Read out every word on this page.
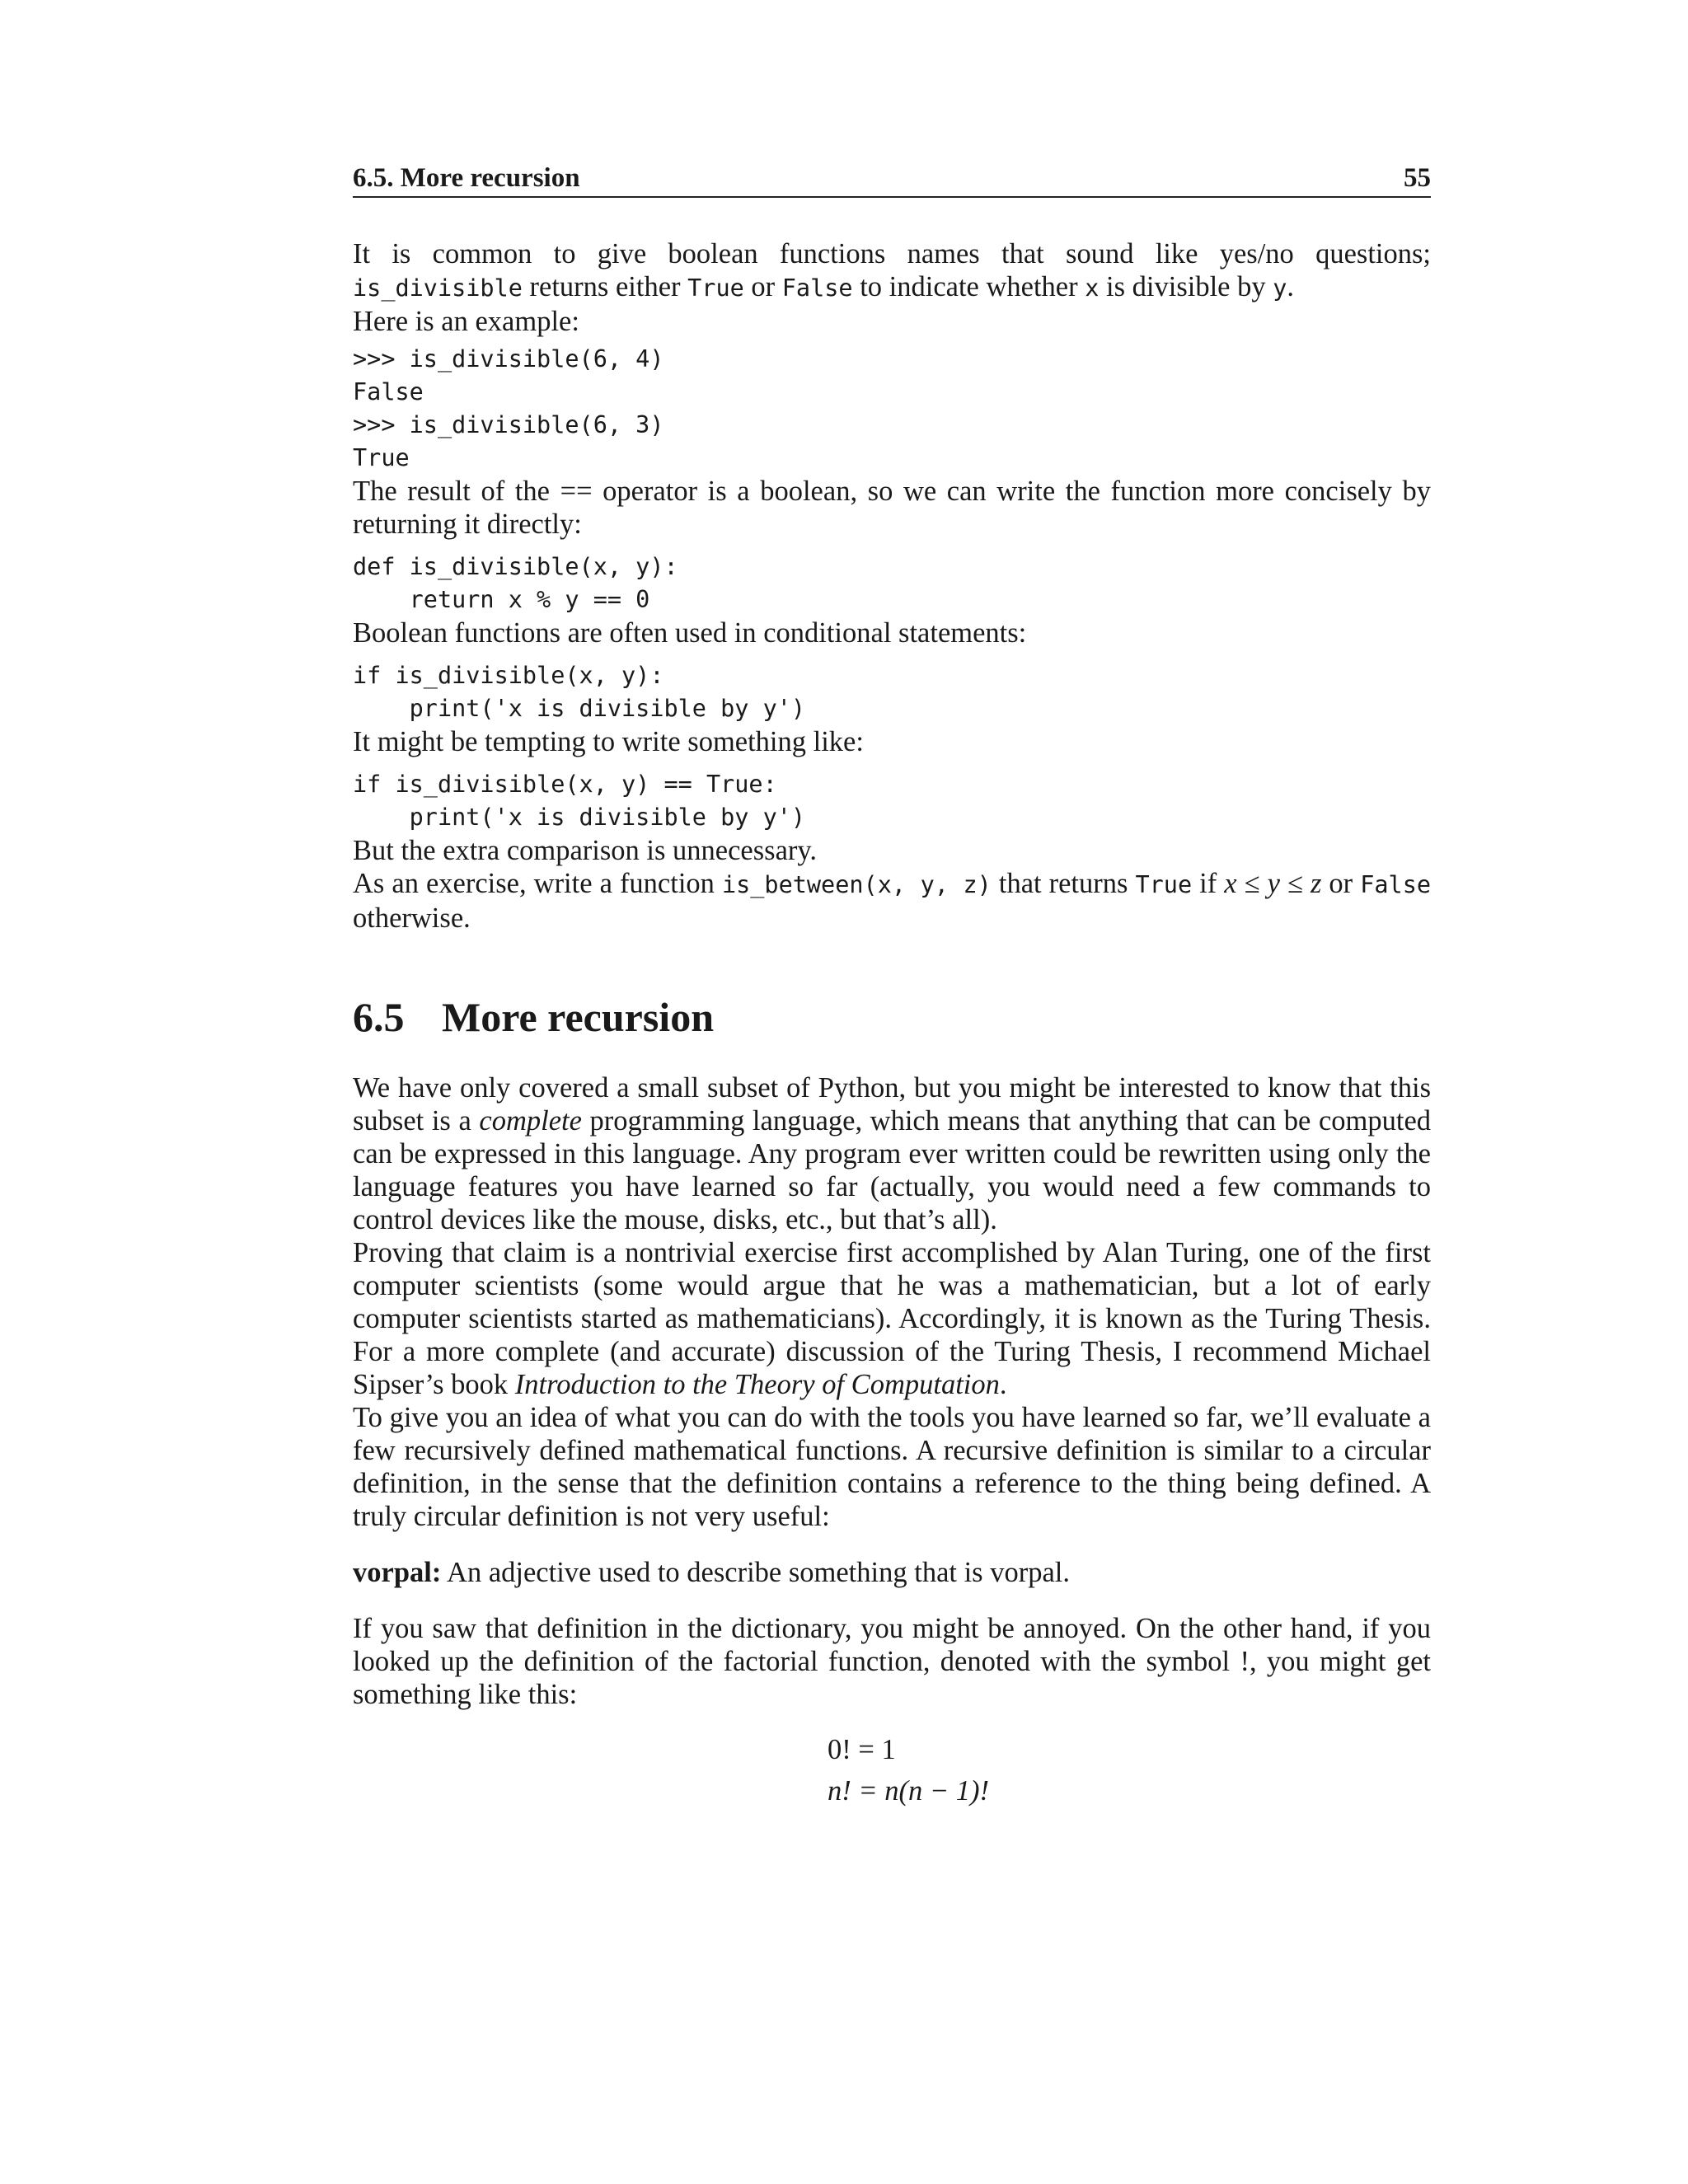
6.5. More recursion	55

It is common to give boolean functions names that sound like yes/no questions; is_divisible returns either True or False to indicate whether x is divisible by y.

Here is an example:

>>> is_divisible(6, 4)
False
>>> is_divisible(6, 3)
True

The result of the == operator is a boolean, so we can write the function more concisely by returning it directly:

def is_divisible(x, y):
return x % y == 0

Boolean functions are often used in conditional statements:

if is_divisible(x, y):
print('x is divisible by y')

It might be tempting to write something like:

if is_divisible(x, y) == True:
print('x is divisible by y')

But the extra comparison is unnecessary.

As an exercise, write a function is_between(x, y, z) that returns True if x ≤ y ≤ z or False otherwise.

6.5 More recursion

We have only covered a small subset of Python, but you might be interested to know that this subset is a complete programming language, which means that anything that can be computed can be expressed in this language. Any program ever written could be rewritten using only the language features you have learned so far (actually, you would need a few commands to control devices like the mouse, disks, etc., but that’s all).

Proving that claim is a nontrivial exercise first accomplished by Alan Turing, one of the first computer scientists (some would argue that he was a mathematician, but a lot of early computer scientists started as mathematicians). Accordingly, it is known as the Turing Thesis. For a more complete (and accurate) discussion of the Turing Thesis, I recommend Michael Sipser’s book Introduction to the Theory of Computation.

To give you an idea of what you can do with the tools you have learned so far, we’ll evaluate a few recursively defined mathematical functions. A recursive definition is similar to a circular definition, in the sense that the definition contains a reference to the thing being defined. A truly circular definition is not very useful:

vorpal: An adjective used to describe something that is vorpal.

If you saw that definition in the dictionary, you might be annoyed. On the other hand, if you looked up the definition of the factorial function, denoted with the symbol !, you might get something like this:

0! = 1
n! = n(n − 1)!
